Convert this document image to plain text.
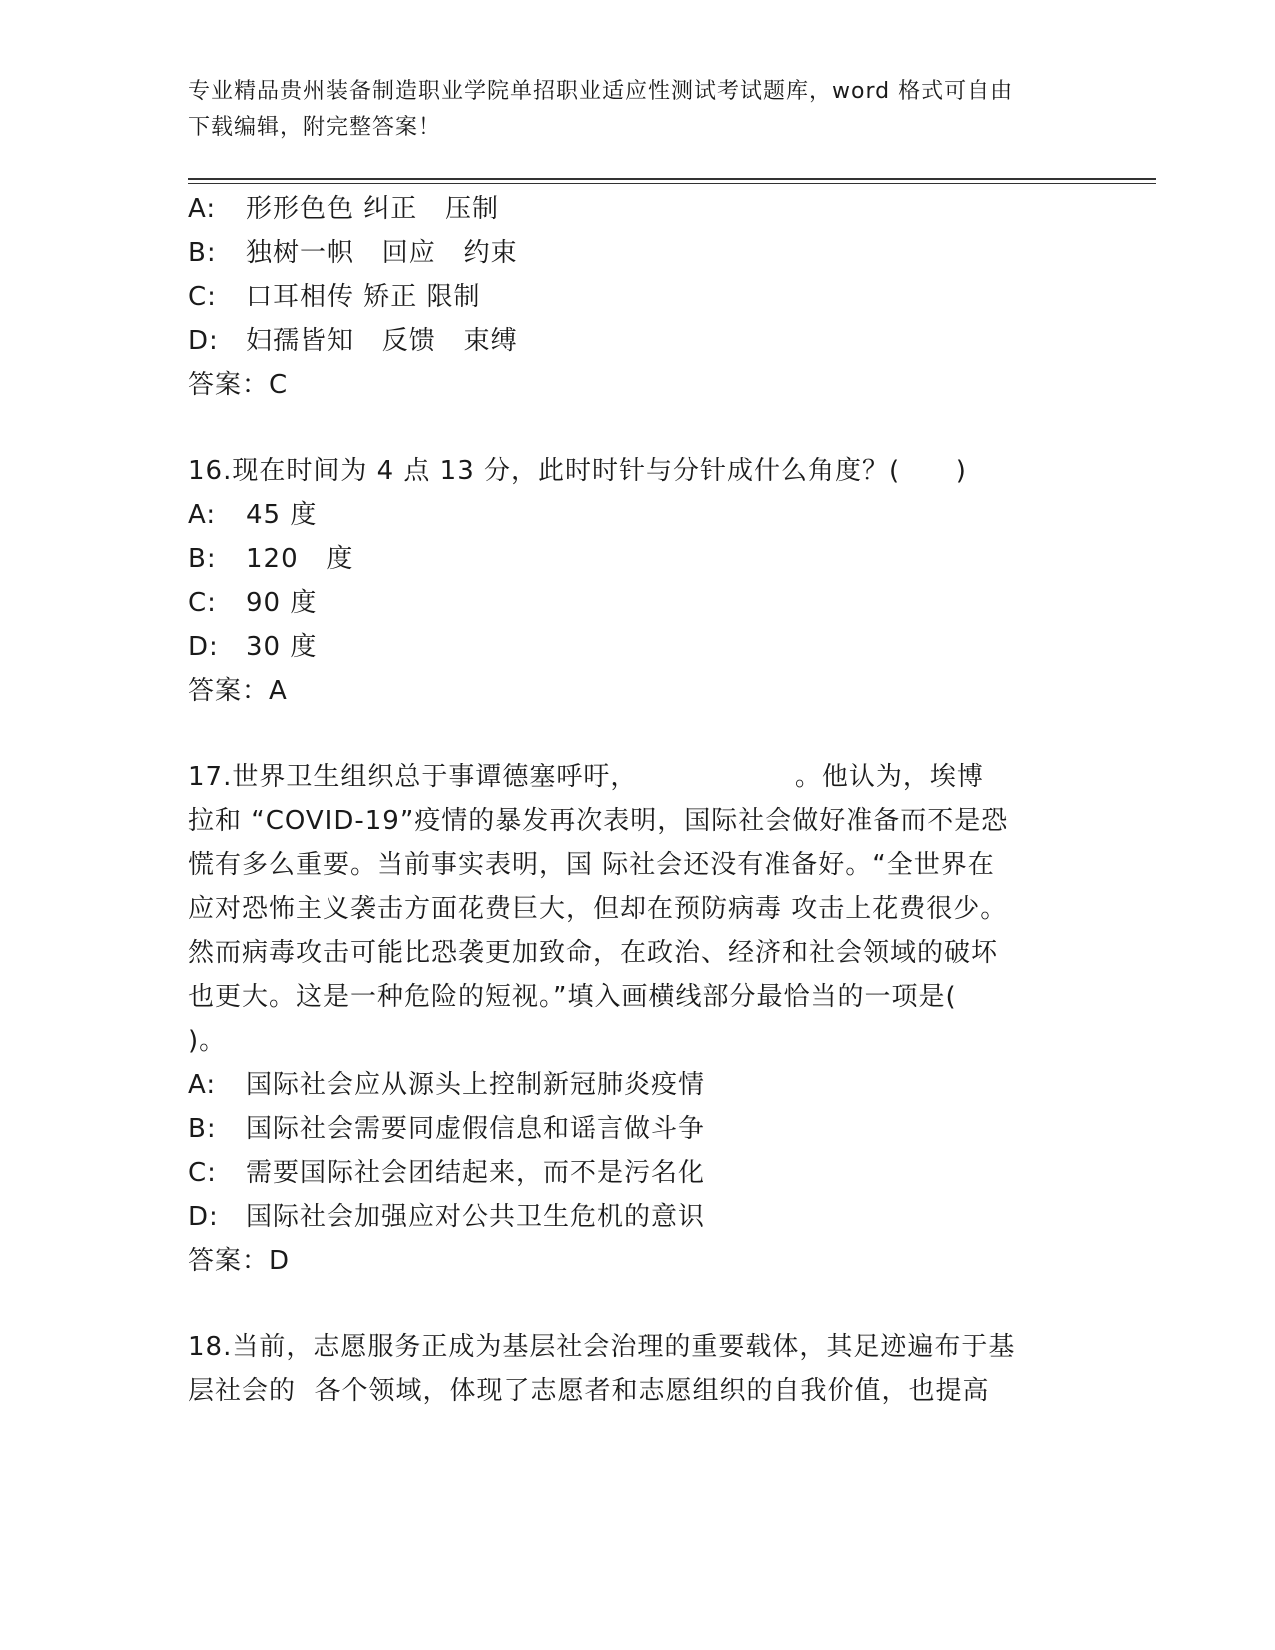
专业精品贵州装备制造职业学院单招职业适应性测试考试题库，word 格式可自由
下载编辑，附完整答案！
A: 形形色色 纠正   压制
B: 独树一帜   回应   约束
C: 口耳相传 矫正 限制
D: 妇孺皆知   反馈   束缚
答案：C
16.现在时间为 4 点 13 分，此时时针与分针成什么角度？(      )
A: 45 度
B: 120   度
C: 90 度
D: 30 度
答案：A
17.世界卫生组织总于事谭德塞呼吁，                 。他认为，埃博
拉和 “COVID-19”疫情的暴发再次表明，国际社会做好准备而不是恐
慌有多么重要。当前事实表明，国 际社会还没有准备好。“全世界在
应对恐怖主义袭击方面花费巨大，但却在预防病毒 攻击上花费很少。
然而病毒攻击可能比恐袭更加致命，在政治、经济和社会领域的破坏
也更大。这是一种危险的短视。”填入画横线部分最恰当的一项是(
)。
A: 国际社会应从源头上控制新冠肺炎疫情
B: 国际社会需要同虚假信息和谣言做斗争
C: 需要国际社会团结起来，而不是污名化
D: 国际社会加强应对公共卫生危机的意识
答案：D
18.当前，志愿服务正成为基层社会治理的重要载体，其足迹遍布于基
层社会的  各个领域，体现了志愿者和志愿组织的自我价值，也提高
